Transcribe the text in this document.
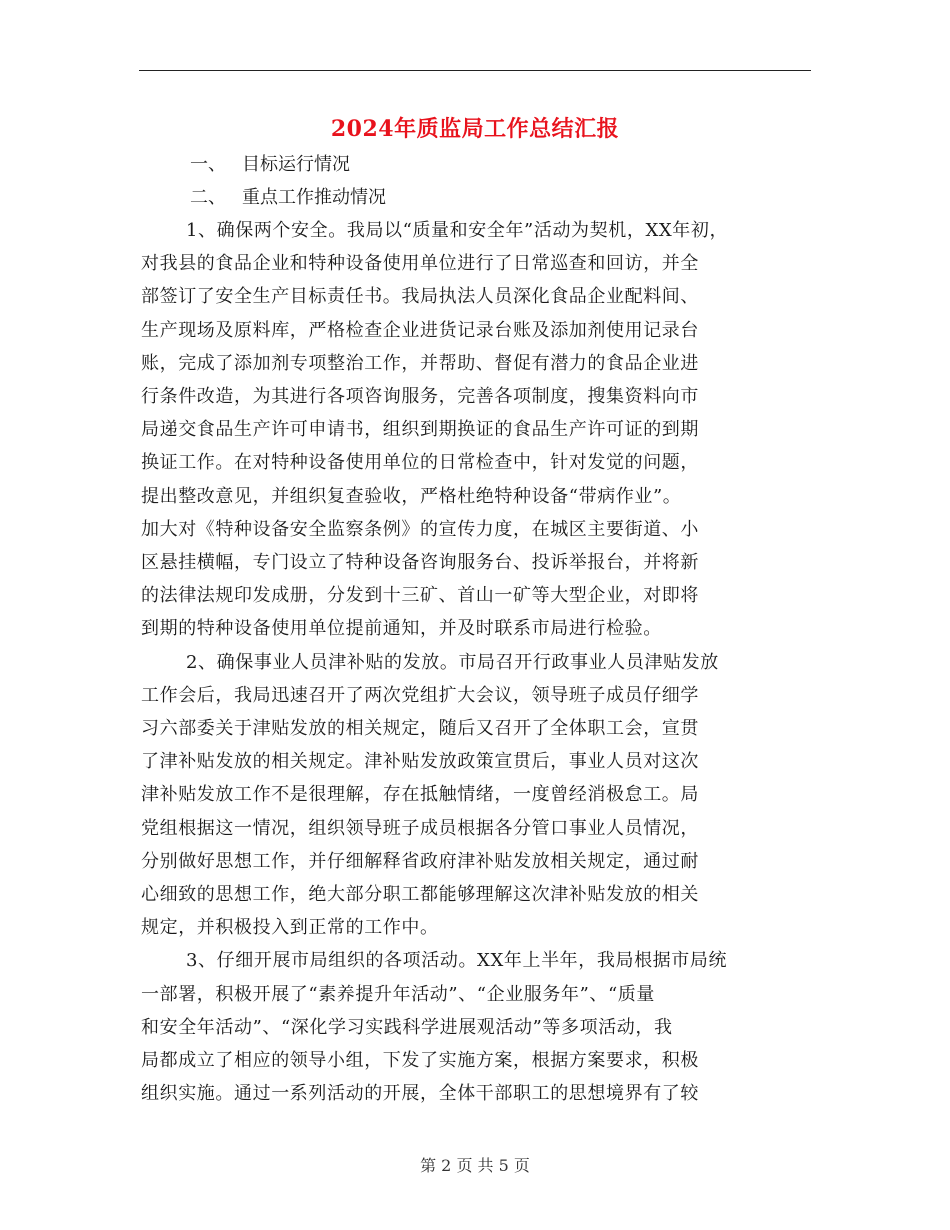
2024年质监局工作总结汇报
一、 目标运行情况
二、 重点工作推动情况
1、确保两个安全。我局以“质量和安全年”活动为契机，XX年初，
对我县的食品企业和特种设备使用单位进行了日常巡查和回访，并全
部签订了安全生产目标责任书。我局执法人员深化食品企业配料间、
生产现场及原料库，严格检查企业进货记录台账及添加剂使用记录台
账，完成了添加剂专项整治工作，并帮助、督促有潜力的食品企业进
行条件改造，为其进行各项咨询服务，完善各项制度，搜集资料向市
局递交食品生产许可申请书，组织到期换证的食品生产许可证的到期
换证工作。在对特种设备使用单位的日常检查中，针对发觉的问题，
提出整改意见，并组织复查验收，严格杜绝特种设备“带病作业”。
加大对《特种设备安全监察条例》的宣传力度，在城区主要街道、小
区悬挂横幅，专门设立了特种设备咨询服务台、投诉举报台，并将新
的法律法规印发成册，分发到十三矿、首山一矿等大型企业，对即将
到期的特种设备使用单位提前通知，并及时联系市局进行检验。
2、确保事业人员津补贴的发放。市局召开行政事业人员津贴发放
工作会后，我局迅速召开了两次党组扩大会议，领导班子成员仔细学
习六部委关于津贴发放的相关规定，随后又召开了全体职工会，宣贯
了津补贴发放的相关规定。津补贴发放政策宣贯后，事业人员对这次
津补贴发放工作不是很理解，存在抵触情绪，一度曾经消极怠工。局
党组根据这一情况，组织领导班子成员根据各分管口事业人员情况，
分别做好思想工作，并仔细解释省政府津补贴发放相关规定，通过耐
心细致的思想工作，绝大部分职工都能够理解这次津补贴发放的相关
规定，并积极投入到正常的工作中。
3、仔细开展市局组织的各项活动。XX年上半年，我局根据市局统
一部署，积极开展了“素养提升年活动”、“企业服务年”、“质量
和安全年活动”、“深化学习实践科学进展观活动”等多项活动，我
局都成立了相应的领导小组，下发了实施方案，根据方案要求，积极
组织实施。通过一系列活动的开展，全体干部职工的思想境界有了较
第 2 页 共 5 页
